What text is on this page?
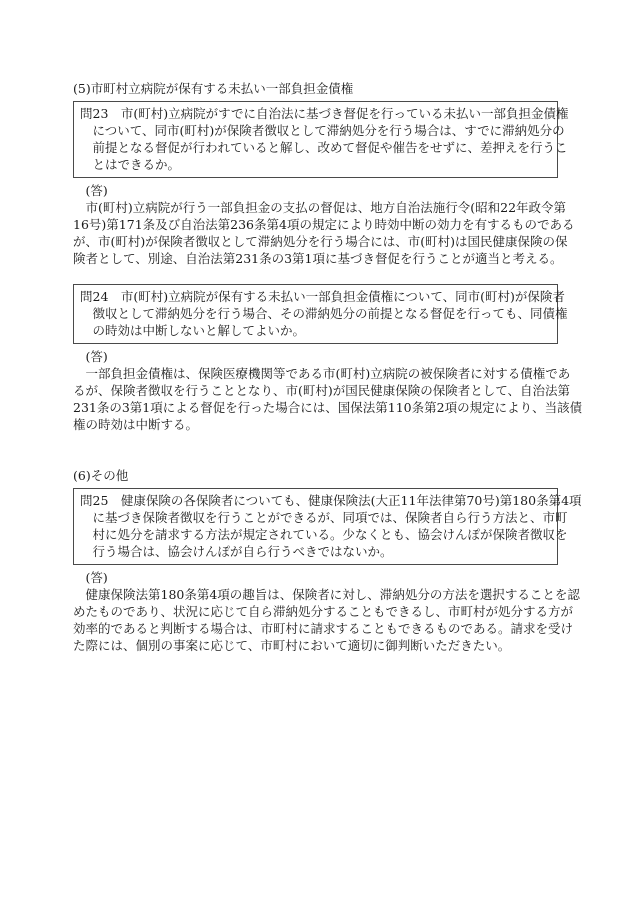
(5)市町村立病院が保有する未払い一部負担金債権
問23　市(町村)立病院がすでに自治法に基づき督促を行っている未払い一部負担金債権
について、同市(町村)が保険者徴収として滞納処分を行う場合は、すでに滞納処分の
前提となる督促が行われていると解し、改めて督促や催告をせずに、差押えを行うこ
とはできるか。
(答)
市(町村)立病院が行う一部負担金の支払の督促は、地方自治法施行令(昭和22年政令第
16号)第171条及び自治法第236条第4項の規定により時効中断の効力を有するものである
が、市(町村)が保険者徴収として滞納処分を行う場合には、市(町村)は国民健康保険の保
険者として、別途、自治法第231条の3第1項に基づき督促を行うことが適当と考える。
問24　市(町村)立病院が保有する未払い一部負担金債権について、同市(町村)が保険者
徴収として滞納処分を行う場合、その滞納処分の前提となる督促を行っても、同債権
の時効は中断しないと解してよいか。
(答)
一部負担金債権は、保険医療機関等である市(町村)立病院の被保険者に対する債権であ
るが、保険者徴収を行うこととなり、市(町村)が国民健康保険の保険者として、自治法第
231条の3第1項による督促を行った場合には、国保法第110条第2項の規定により、当該債
権の時効は中断する。
(6)その他
問25　健康保険の各保険者についても、健康保険法(大正11年法律第70号)第180条第4項
に基づき保険者徴収を行うことができるが、同項では、保険者自ら行う方法と、市町
村に処分を請求する方法が規定されている。少なくとも、協会けんぽが保険者徴収を
行う場合は、協会けんぽが自ら行うべきではないか。
(答)
健康保険法第180条第4項の趣旨は、保険者に対し、滞納処分の方法を選択することを認
めたものであり、状況に応じて自ら滞納処分することもできるし、市町村が処分する方が
効率的であると判断する場合は、市町村に請求することもできるものである。請求を受け
た際には、個別の事案に応じて、市町村において適切に御判断いただきたい。
